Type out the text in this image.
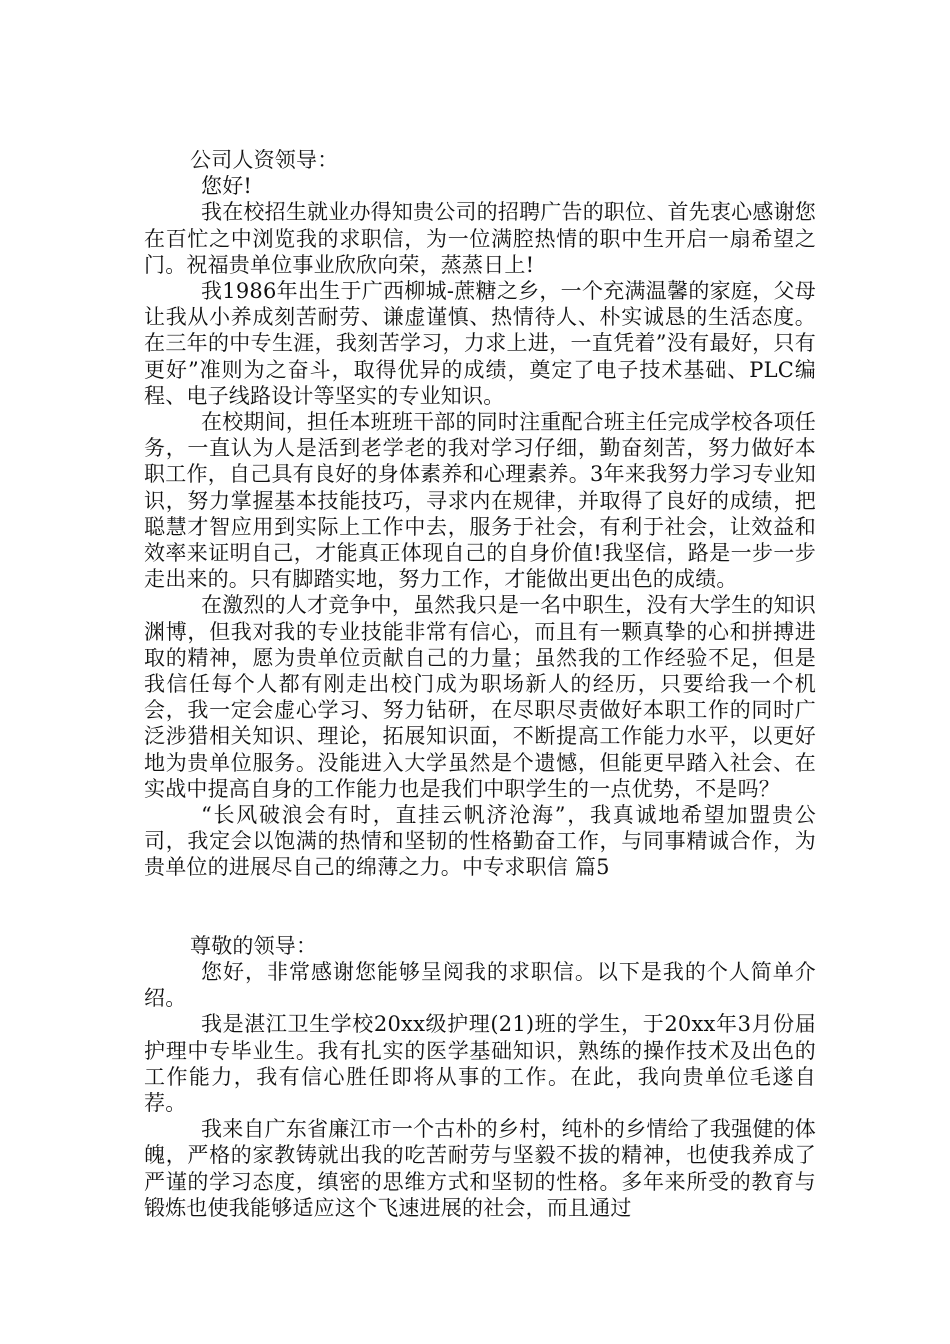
公司人资领导：

您好!

我在校招生就业办得知贵公司的招聘广告的职位、首先衷心感谢您在百忙之中浏览我的求职信，为一位满腔热情的职中生开启一扇希望之门。祝福贵单位事业欣欣向荣，蒸蒸日上!

我1986年出生于广西柳城-蔗糖之乡，一个充满温馨的家庭，父母让我从小养成刻苦耐劳、谦虚谨慎、热情待人、朴实诚恳的生活态度。在三年的中专生涯，我刻苦学习，力求上进，一直凭着”没有最好，只有更好”准则为之奋斗，取得优异的成绩，奠定了电子技术基础、PLC编程、电子线路设计等坚实的专业知识。

在校期间，担任本班班干部的同时注重配合班主任完成学校各项任务，一直认为人是活到老学老的我对学习仔细，勤奋刻苦，努力做好本职工作，自己具有良好的身体素养和心理素养。3年来我努力学习专业知识，努力掌握基本技能技巧，寻求内在规律，并取得了良好的成绩，把聪慧才智应用到实际上工作中去，服务于社会，有利于社会，让效益和效率来证明自己，才能真正体现自己的自身价值!我坚信，路是一步一步走出来的。只有脚踏实地，努力工作，才能做出更出色的成绩。

在激烈的人才竞争中，虽然我只是一名中职生，没有大学生的知识渊博，但我对我的专业技能非常有信心，而且有一颗真挚的心和拼搏进取的精神，愿为贵单位贡献自己的力量；虽然我的工作经验不足，但是我信任每个人都有刚走出校门成为职场新人的经历，只要给我一个机会，我一定会虚心学习、努力钻研，在尽职尽责做好本职工作的同时广泛涉猎相关知识、理论，拓展知识面，不断提高工作能力水平，以更好地为贵单位服务。没能进入大学虽然是个遗憾，但能更早踏入社会、在实战中提高自身的工作能力也是我们中职学生的一点优势，不是吗？

“长风破浪会有时，直挂云帆济沧海”，我真诚地希望加盟贵公司，我定会以饱满的热情和坚韧的性格勤奋工作，与同事精诚合作，为贵单位的进展尽自己的绵薄之力。中专求职信 篇5

尊敬的领导：

您好，非常感谢您能够呈阅我的求职信。以下是我的个人简单介绍。

我是湛江卫生学校20xx级护理(21)班的学生，于20xx年3月份届护理中专毕业生。我有扎实的医学基础知识，熟练的操作技术及出色的工作能力，我有信心胜任即将从事的工作。在此，我向贵单位毛遂自荐。

我来自广东省廉江市一个古朴的乡村，纯朴的乡情给了我强健的体魄，严格的家教铸就出我的吃苦耐劳与坚毅不拔的精神，也使我养成了严谨的学习态度，缜密的思维方式和坚韧的性格。多年来所受的教育与锻炼也使我能够适应这个飞速进展的社会，而且通过
